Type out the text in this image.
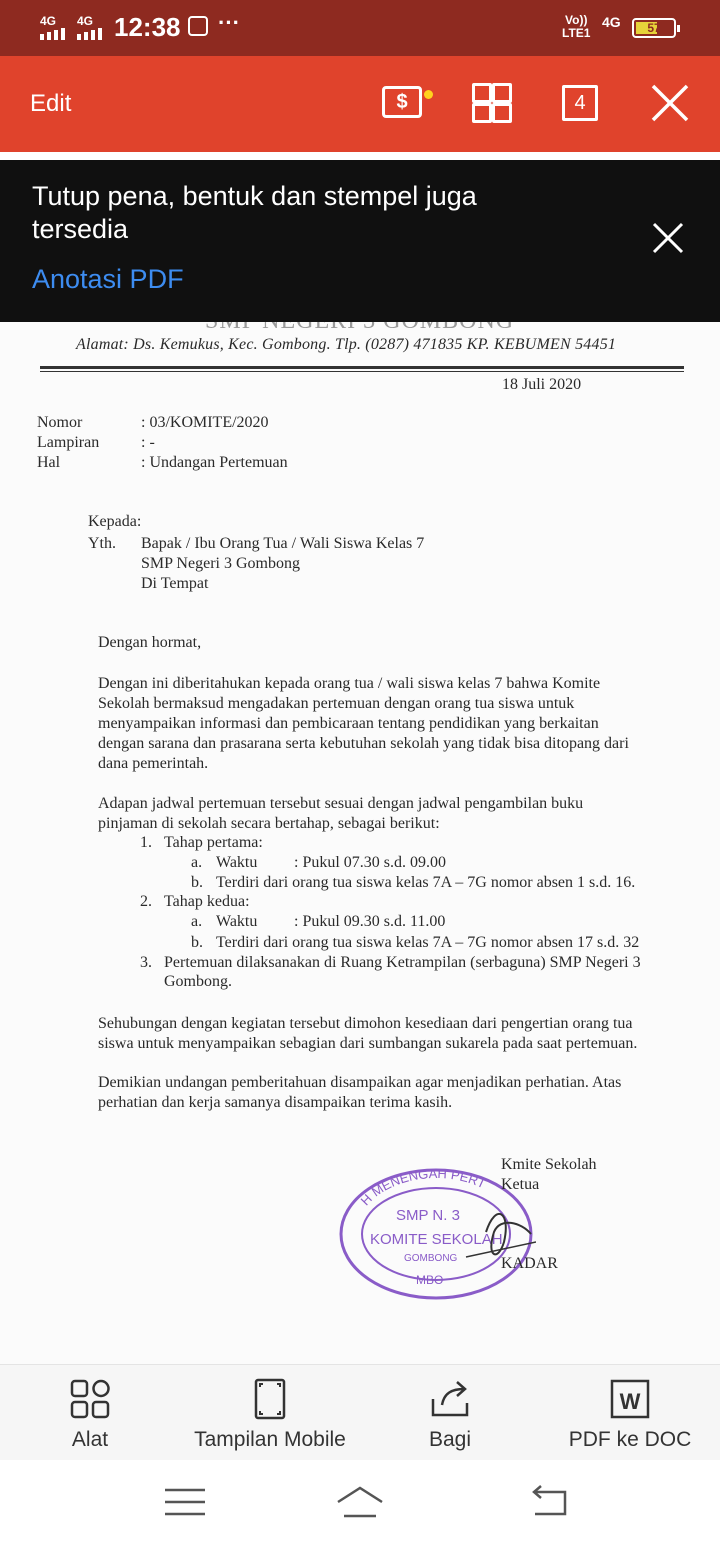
4G 4G 12:38 ···	Vo))
LTE1
4G	57
Edit	$	4
Alamat: Ds. Kemukus, Kec. Gombong. Tlp. (0287) 471835 KP. KEBUMEN 54451
18 Juli 2020
Nomor	: 03/KOMITE/2020
Lampiran	: -
Hal	: Undangan Pertemuan
Kepada:
Yth. Bapak / Ibu Orang Tua / Wali Siswa Kelas 7
SMP Negeri 3 Gombong
Di Tempat
Dengan hormat,
Dengan ini diberitahukan kepada orang tua / wali siswa kelas 7 bahwa Komite
Sekolah bermaksud mengadakan pertemuan dengan orang tua siswa untuk
menyampaikan informasi dan pembicaraan tentang pendidikan yang berkaitan
dengan sarana dan prasarana serta kebutuhan sekolah yang tidak bisa ditopang dari
dana pemerintah.
Adapan jadwal pertemuan tersebut sesuai dengan jadwal pengambilan buku
pinjaman di sekolah secara bertahap, sebagai berikut:
1. Tahap pertama:
a. Waktu : Pukul 07.30 s.d. 09.00
b. Terdiri dari orang tua siswa kelas 7A – 7G nomor absen 1 s.d. 16.
2. Tahap kedua:
a. Waktu : Pukul 09.30 s.d. 11.00
b. Terdiri dari orang tua siswa kelas 7A – 7G nomor absen 17 s.d. 32
3. Pertemuan dilaksanakan di Ruang Ketrampilan (serbaguna) SMP Negeri 3
Gombong.
Sehubungan dengan kegiatan tersebut dimohon kesediaan dari pengertian orang tua
siswa untuk menyampaikan sebagian dari sumbangan sukarela pada saat pertemuan.
Demikian undangan pemberitahuan disampaikan agar menjadikan perhatian. Atas
perhatian dan kerja samanya disampaikan terima kasih.
H MENENGAH PERT
SMP N. 3
KOMITE SEKOLAH
GOMBONG
MBO
Kmite Sekolah
Ketua
KADAR
Tutup pena, bentuk dan stempel juga tersedia
Anotasi PDF
Alat	Tampilan Mobile	Bagi
W
PDF ke DOC
